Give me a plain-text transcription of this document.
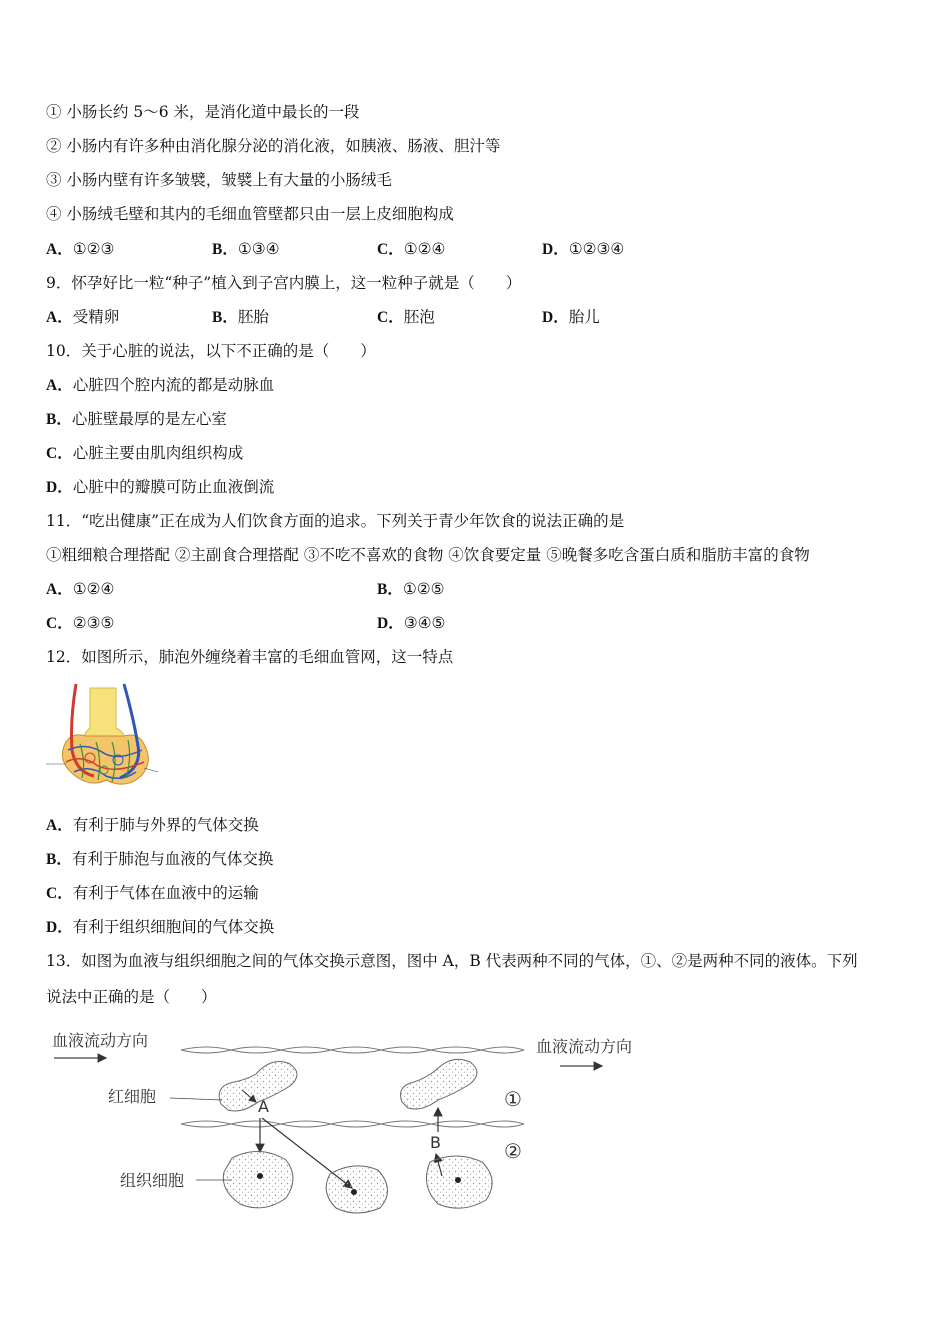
① 小肠长约 5～6 米，是消化道中最长的一段
② 小肠内有许多种由消化腺分泌的消化液，如胰液、肠液、胆汁等
③ 小肠内壁有许多皱襞，皱襞上有大量的小肠绒毛
④ 小肠绒毛壁和其内的毛细血管壁都只由一层上皮细胞构成
A．①②③	B．①③④	C．①②④	D．①②③④
9．怀孕好比一粒“种子”植入到子宫内膜上，这一粒种子就是（　　）
A．受精卵	B．胚胎	C．胚泡	D．胎儿
10．关于心脏的说法，以下不正确的是（　　）
A．心脏四个腔内流的都是动脉血
B．心脏壁最厚的是左心室
C．心脏主要由肌肉组织构成
D．心脏中的瓣膜可防止血液倒流
11．“吃出健康”正在成为人们饮食方面的追求。下列关于青少年饮食的说法正确的是
①粗细粮合理搭配 ②主副食合理搭配 ③不吃不喜欢的食物 ④饮食要定量 ⑤晚餐多吃含蛋白质和脂肪丰富的食物
A．①②④	B．①②⑤
C．②③⑤	D．③④⑤
12．如图所示，肺泡外缠绕着丰富的毛细血管网，这一特点
A．有利于肺与外界的气体交换
B．有利于肺泡与血液的气体交换
C．有利于气体在血液中的运输
D．有利于组织细胞间的气体交换
13．如图为血液与组织细胞之间的气体交换示意图，图中 A，B 代表两种不同的气体，①、②是两种不同的液体。下列
说法中正确的是（　　）
血液流动方向	血液流动方向
红细胞
A
B
①
②
组织细胞
